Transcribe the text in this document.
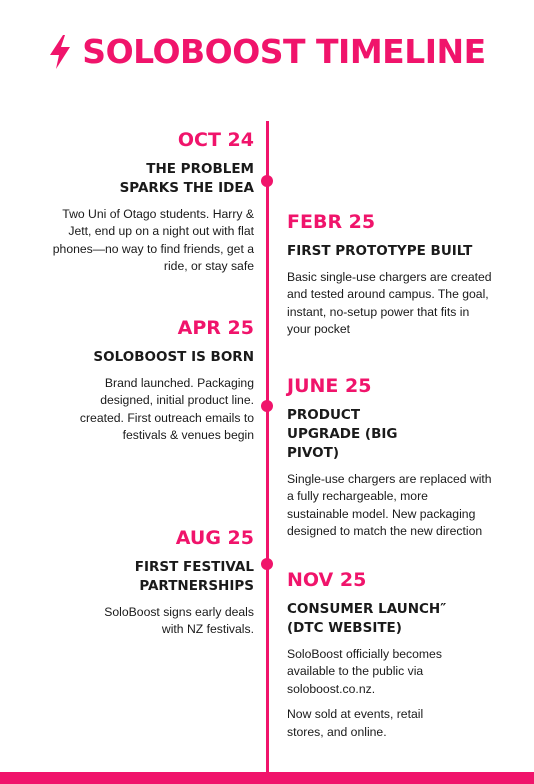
SOLOBOOST TIMELINE
OCT 24
THE PROBLEM SPARKS THE IDEA

Two Uni of Otago students. Harry & Jett, end up on a night out with flat phones—no way to find friends, get a ride, or stay safe

FEBR 25
FIRST PROTOTYPE BUILT

Basic single-use chargers are created and tested around campus. The goal, instant, no-setup power that fits in your pocket

APR 25
SOLOBOOST IS BORN

Brand launched. Packaging designed, initial product line. created. First outreach emails to festivals & venues begin

JUNE 25
PRODUCT UPGRADE (BIG PIVOT)

Single-use chargers are replaced with a fully rechargeable, more sustainable model. New packaging designed to match the new direction

AUG 25
FIRST FESTIVAL PARTNERSHIPS

SoloBoost signs early deals with NZ festivals.

NOV 25
CONSUMER LAUNCH″ (DTC WEBSITE)

SoloBoost officially becomes available to the public via soloboost.co.nz.

Now sold at events, retail stores, and online.
